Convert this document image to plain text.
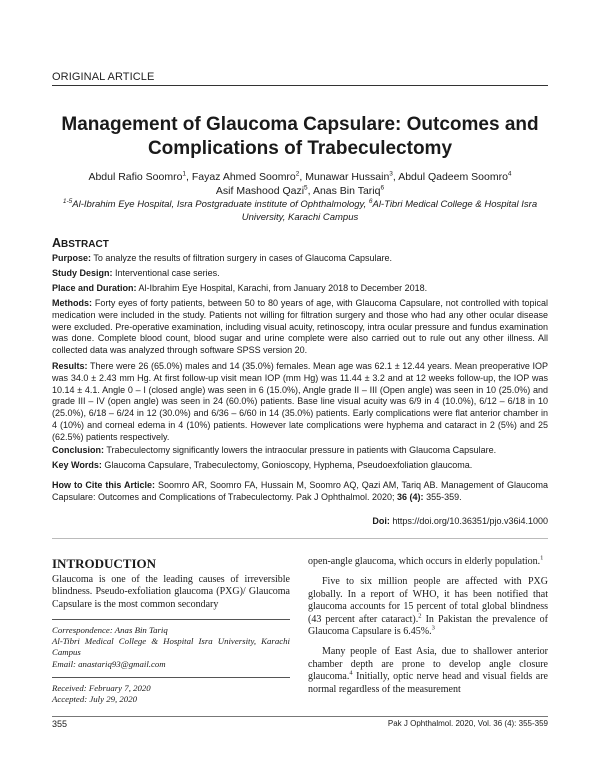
ORIGINAL ARTICLE
Management of Glaucoma Capsulare: Outcomes and
Complications of Trabeculectomy
Abdul Rafio Soomro$^1$, Fayaz Ahmed Soomro$^2$, Munawar Hussain$^3$, Abdul Qadeem Soomro$^4$
Asif Mashood Qazi$^5$, Anas Bin Tariq$^6$
$^{1-5}$Al-Ibrahim Eye Hospital, Isra Postgraduate institute of Ophthalmology, $^6$Al-Tibri Medical College & Hospital Isra University, Karachi Campus
ABSTRACT
Purpose: To analyze the results of filtration surgery in cases of Glaucoma Capsulare.
Study Design: Interventional case series.
Place and Duration: Al-Ibrahim Eye Hospital, Karachi, from January 2018 to December 2018.
Methods: Forty eyes of forty patients, between 50 to 80 years of age, with Glaucoma Capsulare, not controlled with topical medication were included in the study. Patients not willing for filtration surgery and those who had any other ocular disease were excluded. Pre-operative examination, including visual acuity, retinoscopy, intra ocular pressure and fundus examination was done. Complete blood count, blood sugar and urine complete were also carried out to rule out any other illness. All collected data was analyzed through software SPSS version 20.
Results: There were 26 (65.0%) males and 14 (35.0%) females. Mean age was 62.1 ± 12.44 years. Mean preoperative IOP was 34.0 ± 2.43 mm Hg. At first follow-up visit mean IOP (mm Hg) was 11.44 ± 3.2 and at 12 weeks follow-up, the IOP was 10.14 ± 4.1. Angle 0 – I (closed angle) was seen in 6 (15.0%), Angle grade II – III (Open angle) was seen in 10 (25.0%) and grade III – IV (open angle) was seen in 24 (60.0%) patients. Base line visual acuity was 6/9 in 4 (10.0%), 6/12 – 6/18 in 10 (25.0%), 6/18 – 6/24 in 12 (30.0%) and 6/36 – 6/60 in 14 (35.0%) patients. Early complications were flat anterior chamber in 4 (10%) and corneal edema in 4 (10%) patients. However late complications were hyphema and cataract in 2 (5%) and 25 (62.5%) patients respectively.
Conclusion: Trabeculectomy significantly lowers the intraocular pressure in patients with Glaucoma Capsulare.
Key Words: Glaucoma Capsulare, Trabeculectomy, Gonioscopy, Hyphema, Pseudoexfoliation glaucoma.
How to Cite this Article: Soomro AR, Soomro FA, Hussain M, Soomro AQ, Qazi AM, Tariq AB. Management of Glaucoma Capsulare: Outcomes and Complications of Trabeculectomy. Pak J Ophthalmol. 2020; 36 (4): 355-359.
Doi: https://doi.org/10.36351/pjo.v36i4.1000
INTRODUCTION
Glaucoma is one of the leading causes of irreversible blindness. Pseudo-exfoliation glaucoma (PXG)/ Glaucoma Capsulare is the most common secondary
Correspondence: Anas Bin Tariq
Al-Tibri Medical College & Hospital Isra University, Karachi Campus
Email: anastariq93@gmail.com
Received: February 7, 2020
Accepted: July 29, 2020

open-angle glaucoma, which occurs in elderly population.$^1$

Five to six million people are affected with PXG globally. In a report of WHO, it has been notified that glaucoma accounts for 15 percent of total global blindness (43 percent after cataract).$^2$ In Pakistan the prevalence of Glaucoma Capsulare is 6.45%.$^3$

Many people of East Asia, due to shallower anterior chamber depth are prone to develop angle closure glaucoma.$^4$ Initially, optic nerve head and visual fields are normal regardless of the measurement

355	Pak J Ophthalmol. 2020, Vol. 36 (4): 355-359
